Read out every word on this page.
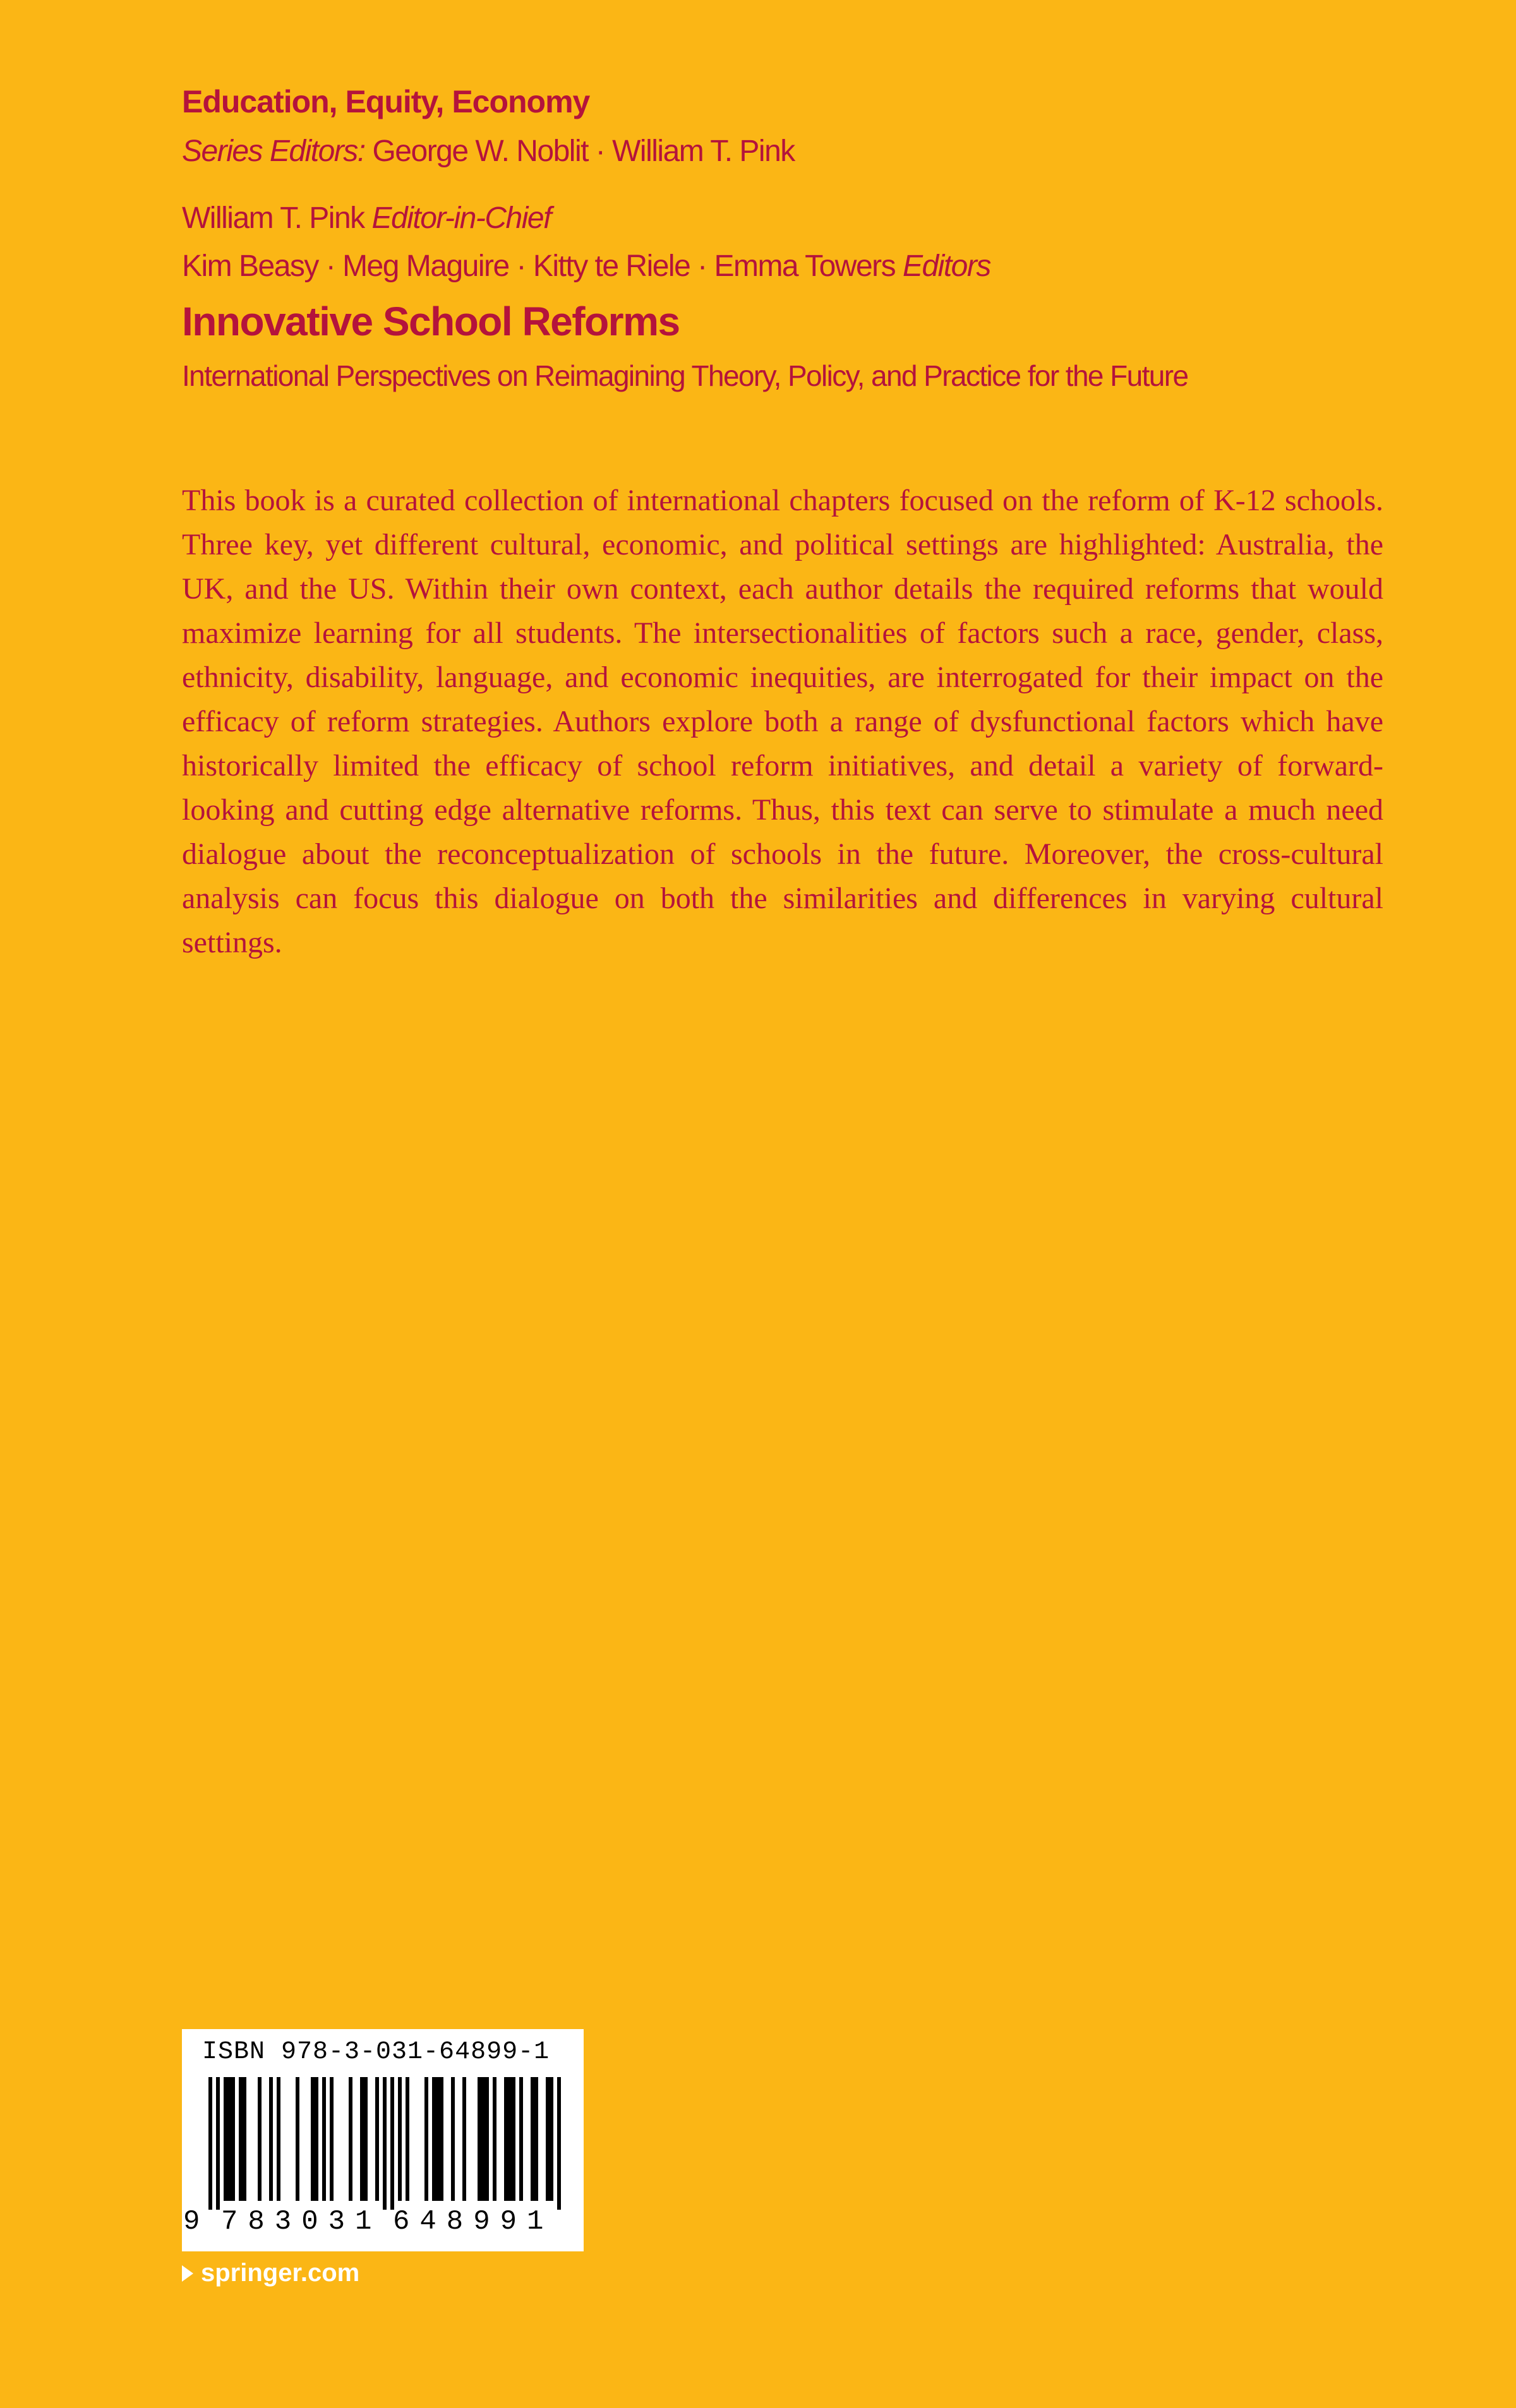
Education, Equity, Economy
Series Editors: George W. Noblit · William T. Pink
William T. Pink Editor-in-Chief
Kim Beasy · Meg Maguire · Kitty te Riele · Emma Towers Editors
Innovative School Reforms
International Perspectives on Reimagining Theory, Policy, and Practice for the Future

This book is a curated collection of international chapters focused on the reform of K-12 schools. Three key, yet different cultural, economic, and political settings are highlighted: Australia, the UK, and the US. Within their own context, each author details the required reforms that would maximize learning for all students. The intersectionalities of factors such a race, gender, class, ethnicity, disability, language, and economic inequities, are interrogated for their impact on the efficacy of reform strategies. Authors explore both a range of dysfunctional factors which have historically limited the efficacy of school reform initiatives, and detail a variety of forward-looking and cutting edge alternative reforms. Thus, this text can serve to stimulate a much need dialogue about the reconceptualization of schools in the future. Moreover, the cross-cultural analysis can focus this dialogue on both the similarities and differences in varying cultural settings.

ISBN 978-3-031-64899-1
9 783031 648991
springer.com
